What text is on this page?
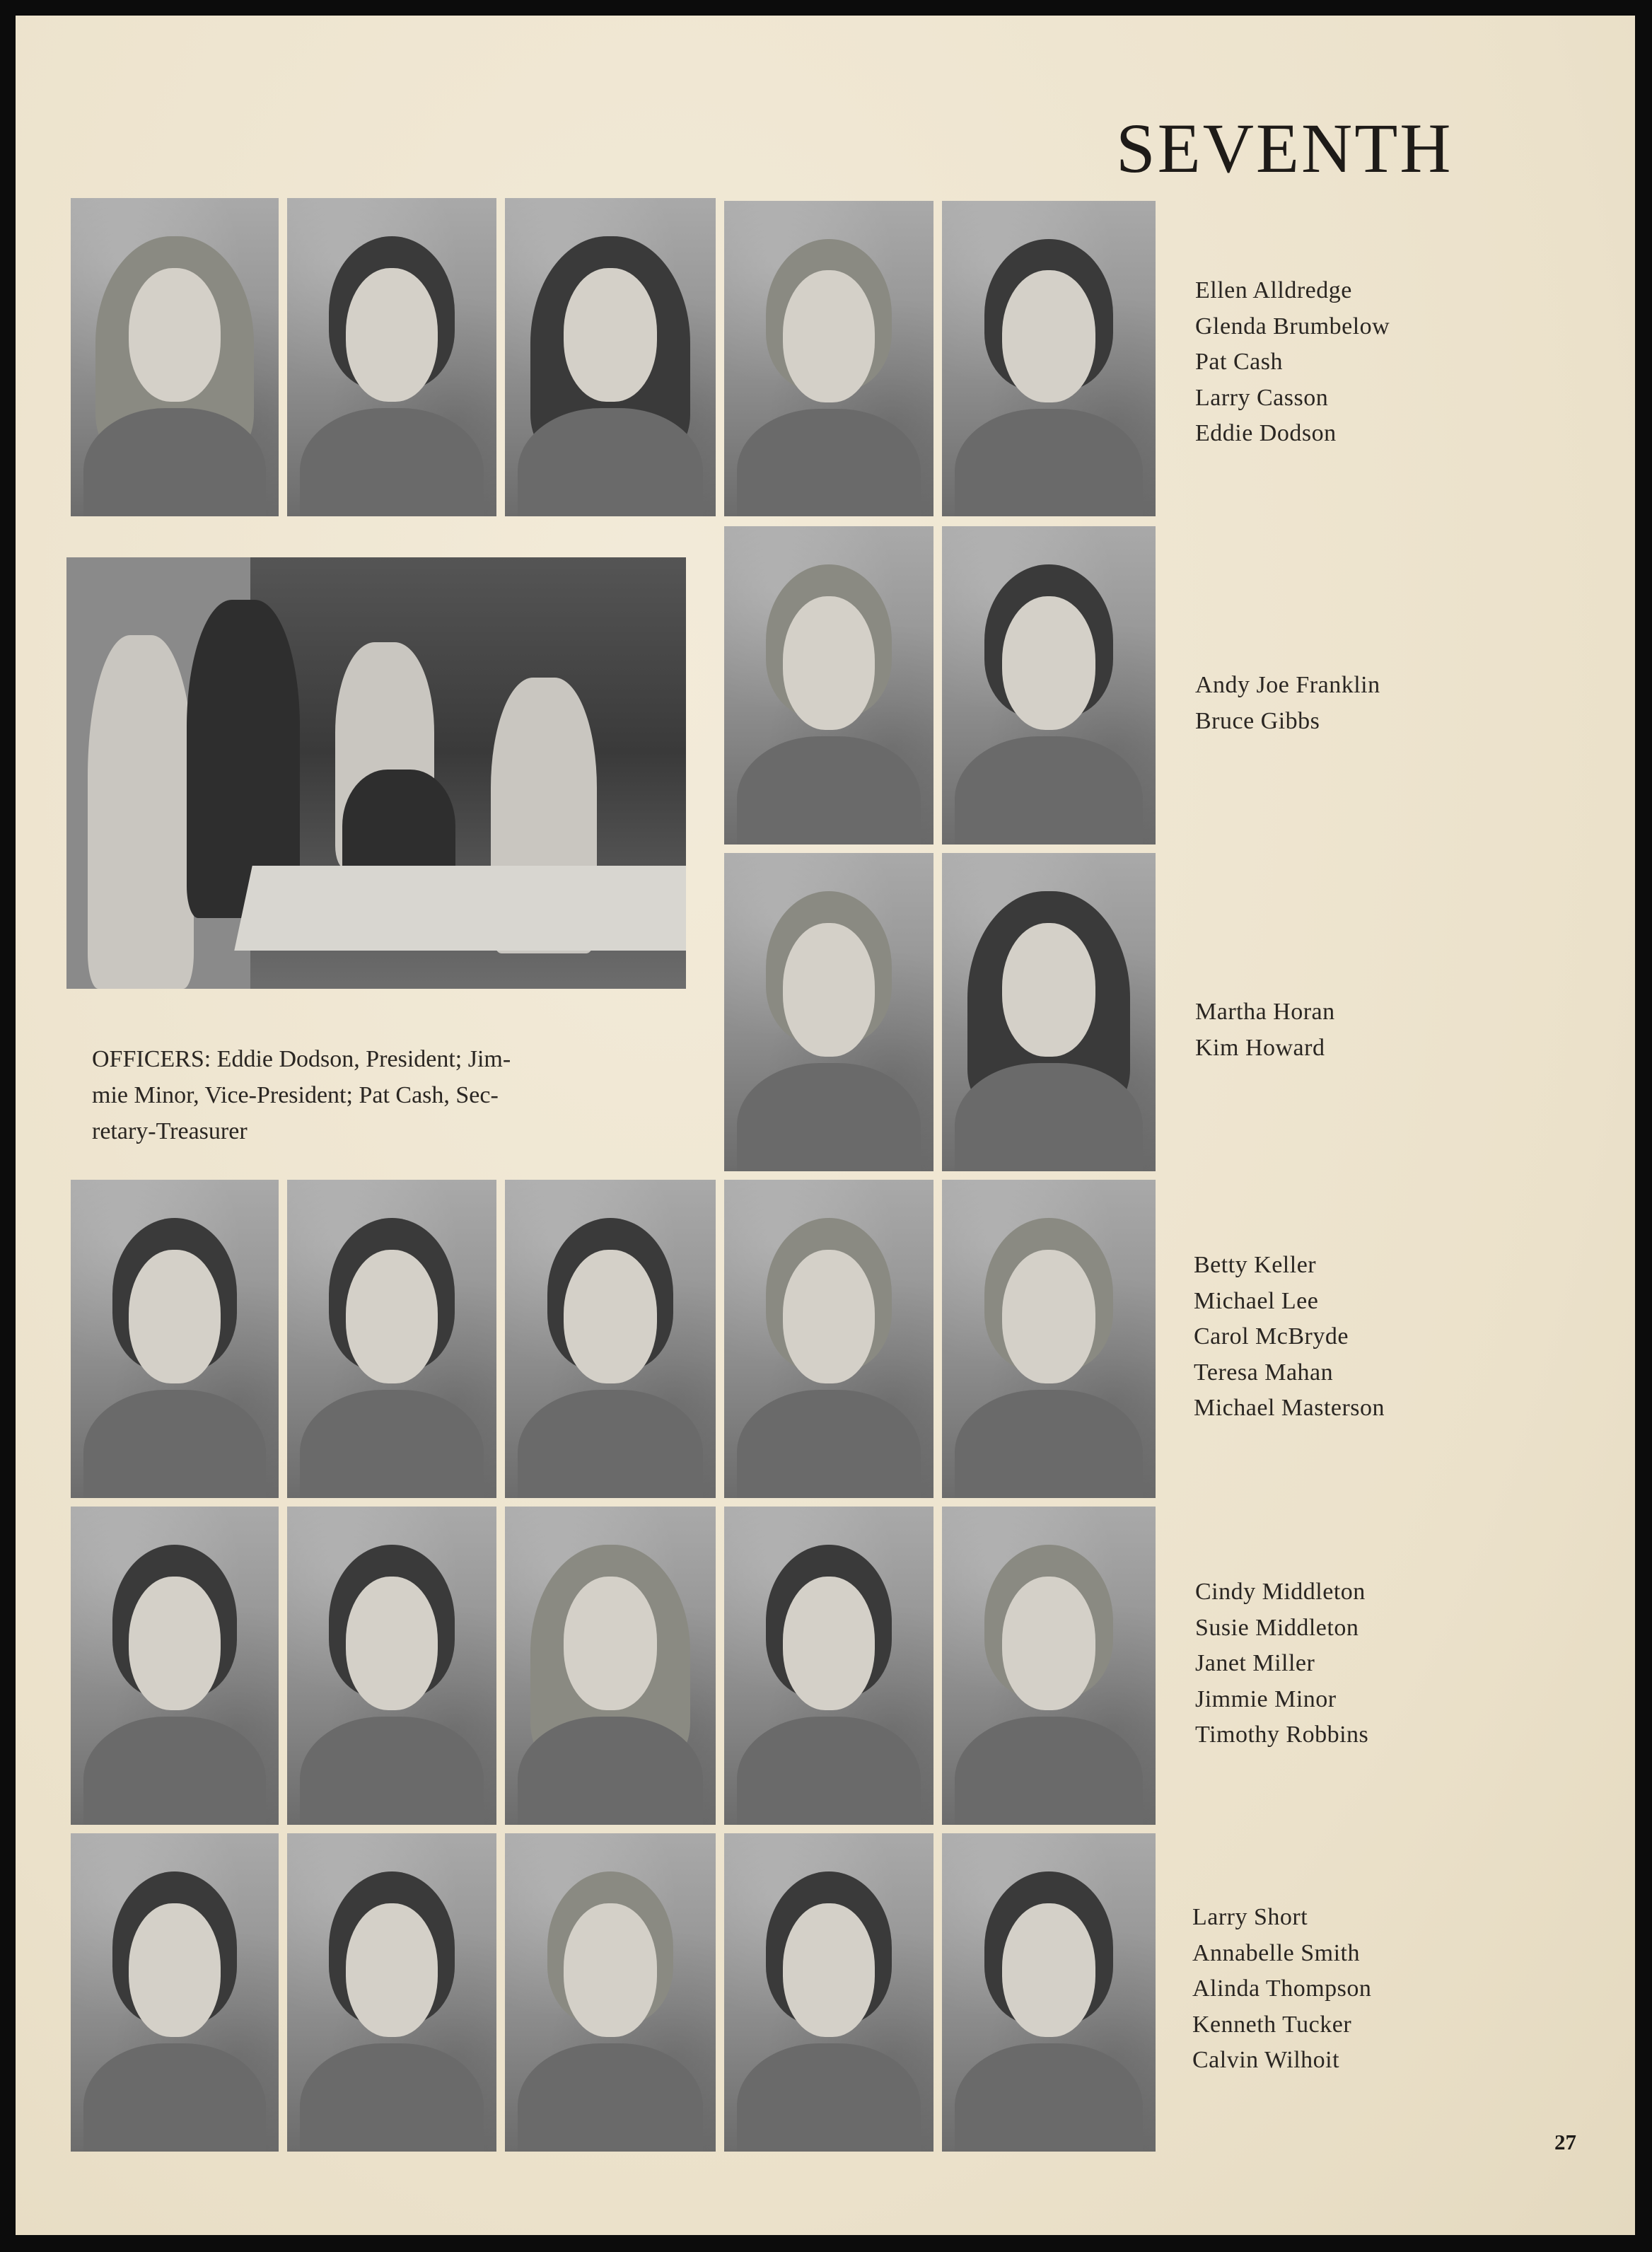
SEVENTH
Ellen Alldredge
Glenda Brumbelow
Pat Cash
Larry Casson
Eddie Dodson
OFFICERS: Eddie Dodson, President; Jim-
mie Minor, Vice-President; Pat Cash, Sec-
retary-Treasurer
Andy Joe Franklin
Bruce Gibbs
Martha Horan
Kim Howard
Betty Keller
Michael Lee
Carol McBryde
Teresa Mahan
Michael Masterson
Cindy Middleton
Susie Middleton
Janet Miller
Jimmie Minor
Timothy Robbins
Larry Short
Annabelle Smith
Alinda Thompson
Kenneth Tucker
Calvin Wilhoit
27
